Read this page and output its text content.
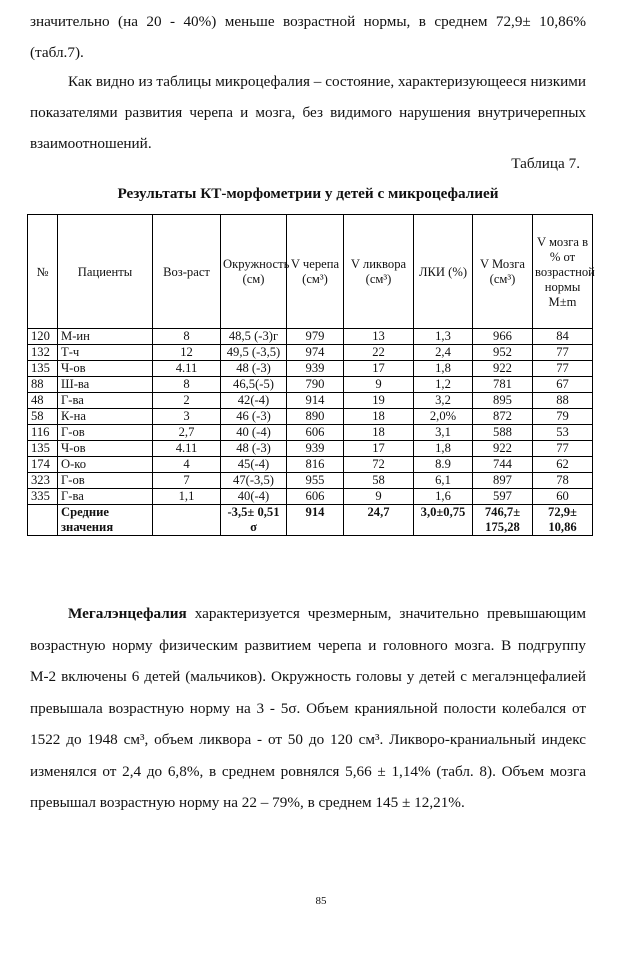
значительно (на 20 - 40%) меньше возрастной нормы, в среднем 72,9± 10,86% (табл.7).

Как видно из таблицы микроцефалия – состояние, характеризующееся низкими показателями развития черепа и мозга, без видимого нарушения внутричерепных взаимоотношений.

Таблица 7.
Результаты КТ-морфометрии у детей с микроцефалией
№	Пациенты	Воз-раст	Окружность (см)	V черепа (см³)	V ликвора (см³)	ЛКИ (%)	V Мозга (см³)	V мозга в % от возрастной нормы M±m
120	М-ин	8	48,5 (-3)г	979	13	1,3	966	84
132	Т-ч	12	49,5 (-3,5)	974	22	2,4	952	77
135	Ч-ов	4.11	48 (-3)	939	17	1,8	922	77
88	Ш-ва	8	46,5(-5)	790	9	1,2	781	67
48	Г-ва	2	42(-4)	914	19	3,2	895	88
58	К-на	3	46 (-3)	890	18	2,0%	872	79
116	Г-ов	2,7	40 (-4)	606	18	3,1	588	53
135	Ч-ов	4.11	48 (-3)	939	17	1,8	922	77
174	О-ко	4	45(-4)	816	72	8.9	744	62
323	Г-ов	7	47(-3,5)	955	58	6,1	897	78
335	Г-ва	1,1	40(-4)	606	9	1,6	597	60
	Средние значения		-3,5± 0,51 σ	914	24,7	3,0±0,75	746,7± 175,28	72,9± 10,86

Мегалэнцефалия характеризуется чрезмерным, значительно превышающим возрастную норму физическим развитием черепа и головного мозга. В подгруппу М-2 включены 6 детей (мальчиков). Окружность головы у детей с мегалэнцефалией превышала возрастную норму на 3 - 5σ. Объем кранияльной полости колебался от 1522 до 1948 см³, объем ликвора - от 50 до 120 см³. Ликворо-краниальный индекс изменялся от 2,4 до 6,8%, в среднем ровнялся 5,66 ± 1,14% (табл. 8). Объем мозга превышал возрастную норму на 22 – 79%, в среднем 145 ± 12,21%.

85
